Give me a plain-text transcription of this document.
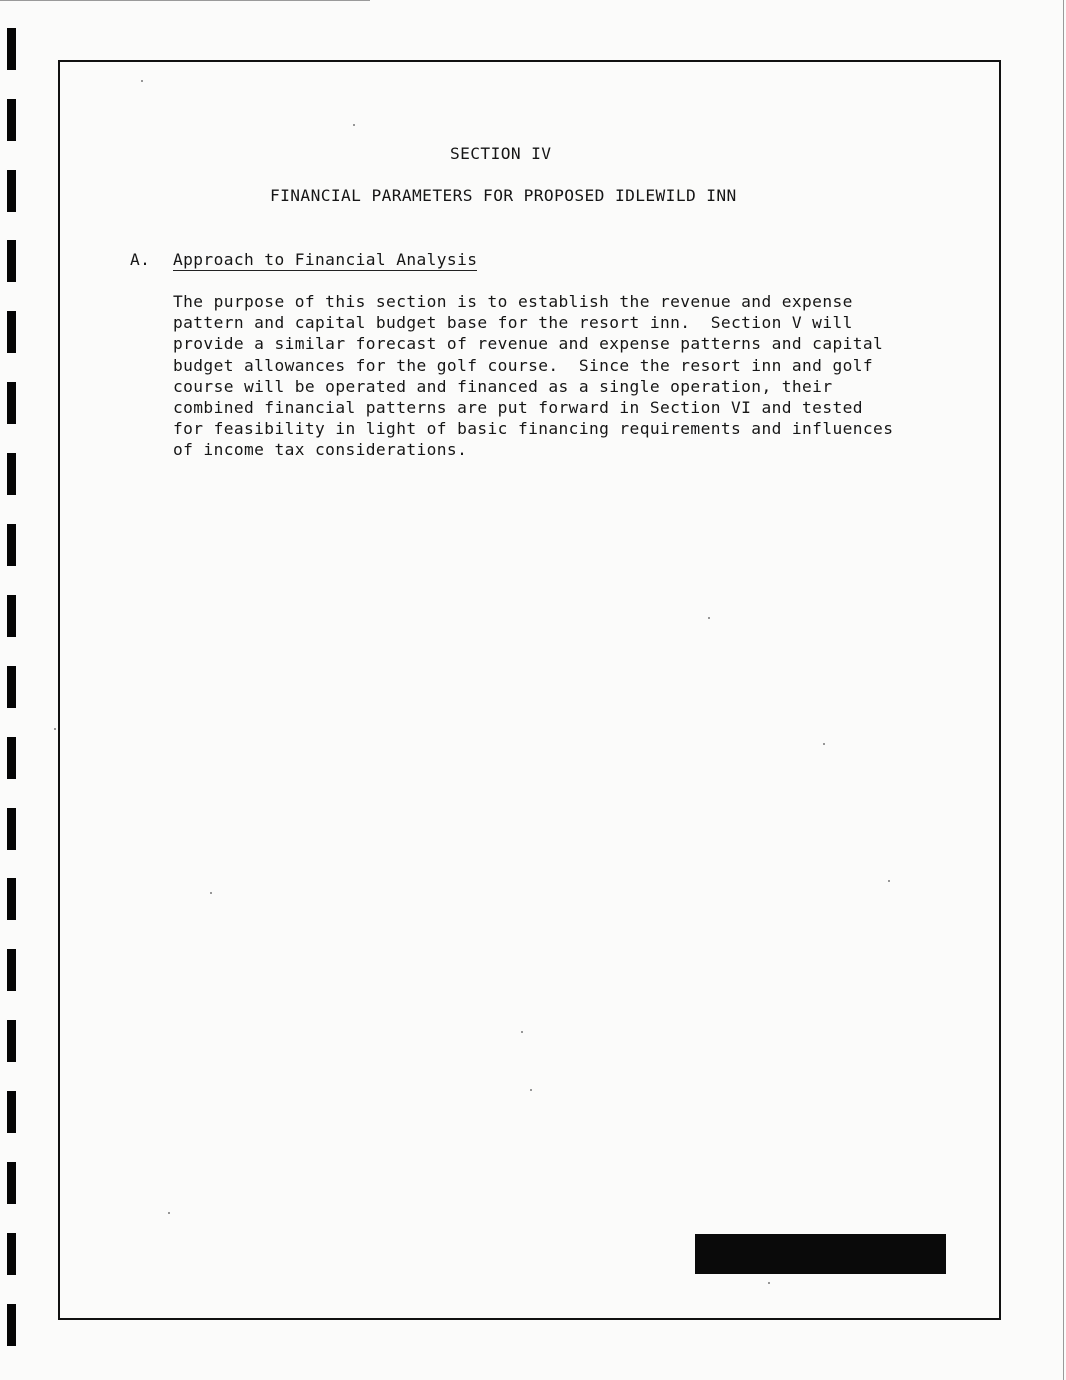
SECTION IV
FINANCIAL PARAMETERS FOR PROPOSED IDLEWILD INN
A. Approach to Financial Analysis
The purpose of this section is to establish the revenue and expense
pattern and capital budget base for the resort inn.  Section V will
provide a similar forecast of revenue and expense patterns and capital
budget allowances for the golf course.  Since the resort inn and golf
course will be operated and financed as a single operation, their
combined financial patterns are put forward in Section VI and tested
for feasibility in light of basic financing requirements and influences
of income tax considerations.
